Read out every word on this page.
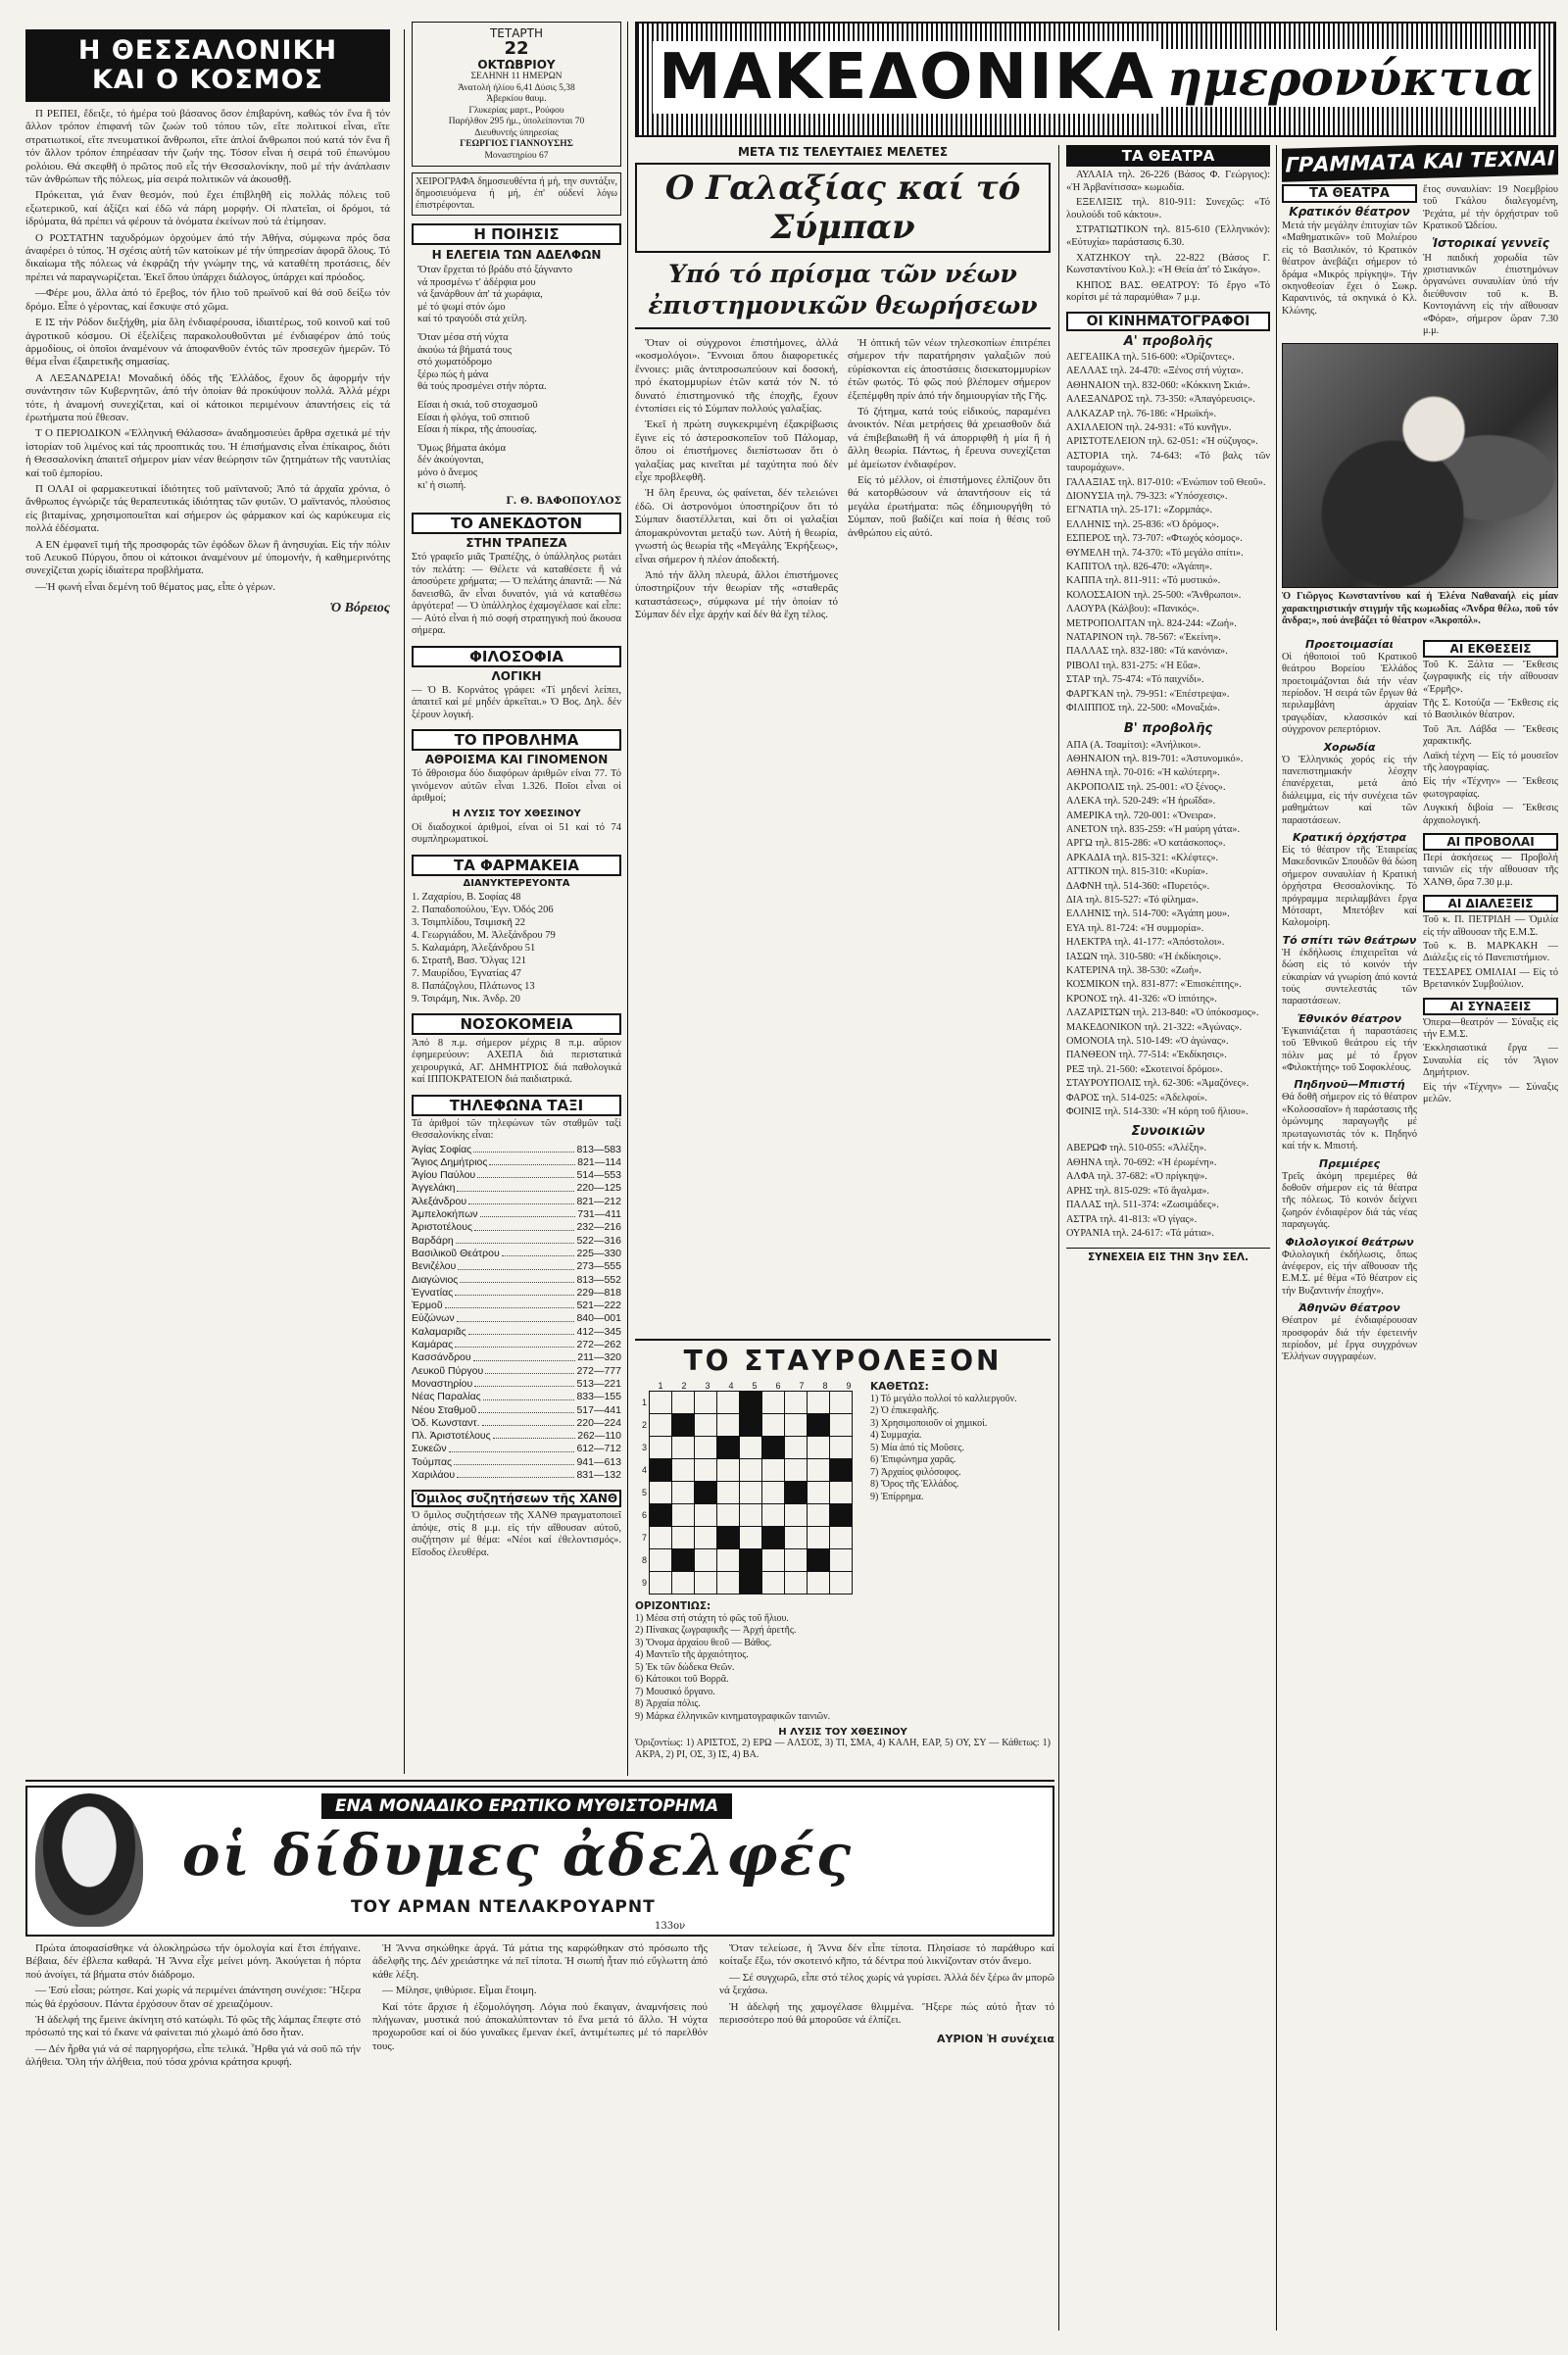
Η ΘΕΣΣΑΛΟΝΙΚΗ
ΚΑΙ Ο ΚΟΣΜΟΣ

Π ΡΕΠΕΙ, ἔδειξε, τό ἠμέρα τοὐ βάσανος ὅσον ἐπιβαρύνη, καθώς τόν ἕνα ἢ τόν ἄλλον τρόπον ἐπιφανή τῶν ζωών τοῦ τόπου τῶν, εἴτε πολιτικοί εἶναι, εἴτε στρατιωτικοί, εἴτε πνευματικοί ἄνθρωποι, εἴτε ἁπλοί ἄνθρωποι πού κατά τόν ἕνα ἢ τόν ἄλλον τρόπον ἐπηρέασαν τήν ζωήν της. Τόσον εἶναι ἡ σειρά τοῦ ἐπωνύμου ρολόιου. Θά σκεφθῆ ὁ πρῶτος ποῦ εἶς τήν Θεσσαλονίκην, ποῦ μέ τήν ἀνάπλασιν τῶν ἀνθρώπων τῆς πόλεως, μία σειρά πολιτικῶν νά ἀκουσθῇ.

Πρόκειται, γιά ἕναν θεσμόν, πού ἔχει ἐπιβληθῆ εἰς πολλάς πόλεις τοῦ εξωτερικοῦ, καί ἀξίζει καί ἐδῶ νά πάρη μορφήν. Οἱ πλατεῖαι, οἱ δρόμοι, τά ἱδρύματα, θά πρέπει νά φέρουν τά ὀνόματα ἐκείνων πού τά ἐτίμησαν.

Ο ΡΟΣΤΑΤΗΝ ταχυδρόμων ὀρχούμεν ἀπό τήν Ἀθήνα, σύμφωνα πρός ὅσα ἀναφέρει ὁ τύπος. Ἡ σχέσις αὐτή τῶν κατοίκων μέ τήν ὑπηρεσίαν ἀφορᾶ ὅλους. Τό δικαίωμα τῆς πόλεως νά ἐκφράζη τήν γνώμην της, νά καταθέτη προτάσεις, δέν πρέπει νά παραγνωρίζεται. Ἐκεῖ ὅπου ὑπάρχει διάλογος, ὑπάρχει καί πρόοδος.

—Φέρε μου, ἄλλα ἀπό τό ἔρεβος, τόν ἥλιο τοῦ πρωϊνοῦ καί θά σοῦ δείξω τόν δρόμο. Εἶπε ὁ γέροντας, καί ἔσκυψε στό χῶμα.

Ε ΙΣ τήν Ρόδον διεξήχθη, μία ὅλη ἐνδιαφέρουσα, ἱδιαιτέρως, τοῦ κοινοῦ καί τοῦ ἀγροτικοῦ κόσμου. Οἱ ἐξελίξεις παρακολουθοῦνται μέ ἐνδιαφέρον ἀπό τούς ἁρμοδίους, οἱ ὁποῖοι ἀναμένουν νά ἀποφανθοῦν ἐντός τῶν προσεχῶν ἡμερῶν. Τό θέμα εἶναι ἐξαιρετικῆς σημασίας.

Α ΛΕΞΑΝΔΡΕΙΑ! Μοναδική ὀδός τῆς Ἑλλάδος, ἔχουν ὅς ἀφορμήν τήν συνάντησιν τῶν Κυβερνητῶν, ἀπό τήν ὁποίαν θά προκύψουν πολλά. Ἀλλά μέχρι τότε, ἡ ἀναμονή συνεχίζεται, καί οἱ κάτοικοι περιμένουν ἀπαντήσεις εἰς τά ἐρωτήματα πού ἔθεσαν.

Τ Ο ΠΕΡΙΟΔΙΚΟΝ «Ἑλληνική Θάλασσα» ἀναδημοσιεύει ἄρθρα σχετικά μέ τήν ἱστορίαν τοῦ λιμένος καί τάς προοπτικάς του. Ἡ ἐπισήμανσις εἶναι ἐπίκαιρος, διότι ἡ Θεσσαλονίκη ἀπαιτεῖ σήμερον μίαν νέαν θεώρησιν τῶν ζητημάτων τῆς ναυτιλίας καί τοῦ ἐμπορίου.

Π ΟΛΑΙ οἱ φαρμακευτικαί ἱδιότητες τοῦ μαϊντανοῦ; Ἀπό τά ἀρχαῖα χρόνια, ὁ ἄνθρωπος ἐγνώριζε τάς θεραπευτικάς ἰδιότητας τῶν φυτῶν. Ὁ μαϊντανός, πλούσιος εἰς βιταμίνας, χρησιμοποιεῖται καί σήμερον ὡς φάρμακον καί ὡς καρύκευμα εἰς πολλά ἐδέσματα.

Α ΕΝ ἐμφανεῖ τιμή τῆς προσφοράς τῶν ἐφόδων ὅλων ἢ ἀνησυχίαι. Εἰς τήν πόλιν τοῦ Λευκοῦ Πύργου, ὅπου οἱ κάτοικοι ἀναμένουν μέ ὑπομονήν, ἡ καθημερινότης συνεχίζεται χωρίς ἰδιαίτερα προβλήματα.

—Ἡ φωνή εἶναι δεμένη τοῦ θέματος μας, εἶπε ὁ γέρων.

Ὁ Βόρειος
ΤΕΤΑΡΤΗ
22
ΟΚΤΩΒΡΙΟΥ
ΣΕΛΗΝΗ 11 ΗΜΕΡΩΝ
Άνατολή ήλίου 6,41 Δύσις 5,38
Άβερκίου θαυμ.
Γλυκερίας μαρτ., Ρούφου
Παρήλθον 295 ήμ., ύπολείπονται 70
Διευθυντής ύπηρεσίας
ΓΕΩΡΓΙΟΣ ΓΙΑΝΝΟΥΣΗΣ
Μοναστηρίου 67
ΧΕΙΡΟΓΡΑΦΑ δημοσιευθέντα ή μή, την συντάξιν, δημοσιευόμενα ή μή, έπ' ούδενί λόγω έπιστρέφονται.
Η ΠΟΙΗΣΙΣ
Η ΕΛΕΓΕΙΑ ΤΩΝ ΑΔΕΛΦΩΝ
Ὅταν ἔρχεται τό βράδυ στό ξάγναντο
νά προσμένω τ' ἀδέρφια μου
νά ξανάρθουν ἀπ' τά χωράφια,
μέ τό ψωμί στόν ὦμο
καί τό τραγούδι στά χείλη.
Ὅταν μέσα στή νύχτα
ἀκούω τά βήματά τους
στό χωματόδρομο
ξέρω πώς ἡ μάνα
θά τούς προσμένει στήν πόρτα.
Εἶσαι ἡ σκιά, τοῦ στοχασμοῦ
Εἶσαι ἡ φλόγα, τοῦ σπιτιοῦ
Εἶσαι ἡ πίκρα, τῆς ἀπουσίας.
Ὅμως βήματα ἀκόμα
δέν ἀκούγονται,
μόνο ὁ ἄνεμος
κι' ἡ σιωπή.
Γ. Θ. ΒΑΦΟΠΟΥΛΟΣ
ΤΟ ΑΝΕΚΔΟΤΟΝ
ΣΤΗΝ ΤΡΑΠΕΖΑ
Στό γραφεῖο μιᾶς Τραπέζης, ὁ ὑπάλληλος ρωτάει τόν πελάτη: — Θέλετε νά καταθέσετε ἢ νά ἀποσύρετε χρήματα; — Ὁ πελάτης ἀπαντᾶ: — Νά δανεισθῶ, ἂν εἶναι δυνατόν, γιά νά καταθέσω ἀργότερα! — Ὁ ὑπάλληλος ἐχαμογέλασε καί εἶπε: — Αὐτό εἶναι ἡ πιό σοφή στρατηγική πού ἄκουσα σήμερα.
ΦΙΛΟΣΟΦΙΑ
ΛΟΓΙΚΗ
— Ὁ Β. Κορνάτος γράφει: «Τί μηδενί λείπει, ἀπαιτεῖ καί μέ μηδέν ἀρκεῖται.» Ὁ Βος. Δηλ. δέν ξέρουν λογική.
ΤΟ ΠΡΟΒΛΗΜΑ
ΑΘΡΟΙΣΜΑ ΚΑΙ ΓΙΝΟΜΕΝΟΝ
Τό ἄθροισμα δύο διαφόρων ἀριθμῶν εἶναι 77. Τό γινόμενον αὐτῶν εἶναι 1.326. Ποῖοι εἶναι οἱ ἀριθμοί;
Η ΛΥΣΙΣ ΤΟΥ ΧΘΕΣΙΝΟΥ
Οἱ διαδοχικοί ἀριθμοί, εἶναι οἱ 51 καί τό 74 συμπληρωματικοί.
ΤΑ ΦΑΡΜΑΚΕΙΑ
ΔΙΑΝΥΚΤΕΡΕΥΟΝΤΑ
1. Ζαχαρίου, Β. Σοφίας 48
2. Παπαδοπούλου, Ἐγν. Ὁδός 206
3. Τσιμπλίδου, Τσιμισκῆ 22
4. Γεωργιάδου, Μ. Ἀλεξάνδρου 79
5. Καλαμάρη, Ἀλεξάνδρου 51
6. Στρατῆ, Βασ. Ὄλγας 121
7. Μαυρίδου, Ἐγνατίας 47
8. Παπάζογλου, Πλάτωνος 13
9. Τσιράμη, Νικ. Ἀνδρ. 20
ΝΟΣΟΚΟΜΕΙΑ
Ἀπό 8 π.μ. σήμερον μέχρις 8 π.μ. αὔριον ἐφημερεύουν: ΑΧΕΠΑ διά περιστατικά χειρουργικά, ΑΓ. ΔΗΜΗΤΡΙΟΣ διά παθολογικά καί ΙΠΠΟΚΡΑΤΕΙΟΝ διά παιδιατρικά.
ΤΗΛΕΦΩΝΑ ΤΑΞΙ
Τά ἀριθμοί τῶν τηλεφώνων τῶν σταθμῶν ταξί Θεσσαλονίκης εἶναι:
Ἀγίας Σοφίας	813—583
Ἅγιος Δημήτριος	821—114
Ἁγίου Παύλου	514—553
Ἀγγελάκη	220—125
Ἀλεξάνδρου	821—212
Ἀμπελοκήπων	731—411
Ἀριστοτέλους	232—216
Βαρδάρη	522—316
Βασιλικοῦ Θεάτρου	225—330
Βενιζέλου	273—555
Διαγώνιος	813—552
Ἐγνατίας	229—818
Ἑρμοῦ	521—222
Εὐζώνων	840—001
Καλαμαριᾶς	412—345
Καμάρας	272—262
Κασσάνδρου	211—320
Λευκοῦ Πύργου	272—777
Μοναστηρίου	513—221
Νέας Παραλίας	833—155
Νέου Σταθμοῦ	517—441
Ὀδ. Κωνσταντ.	220—224
Πλ. Ἀριστοτέλους	262—110
Συκεῶν	612—712
Τούμπας	941—613
Χαριλάου	831—132
Ὁμιλος συζητήσεων τῆς ΧΑΝΘ
Ὁ ὅμιλος συζητήσεων τῆς ΧΑΝΘ πραγματοποιεῖ ἀπόψε, στίς 8 μ.μ. εἰς τήν αἴθουσαν αὐτοῦ, συζήτησιν μέ θέμα: «Νέοι καί ἐθελοντισμός». Εἴσοδος ἐλευθέρα.
ΜΑΚΕΔΟΝΙΚΑ ημερονύκτια
ΜΕΤΑ ΤΙΣ ΤΕΛΕΥΤΑΙΕΣ ΜΕΛΕΤΕΣ
Ο Γαλαξίας καί τό Σύμπαν
Υπό τό πρίσμα τῶν νέων
ἐπιστημονικῶν θεωρήσεων

Ὅταν οἱ σύγχρονοι ἐπιστήμονες, ἀλλά «κοσμολόγοι». Ἔννοιαι ὅπου διαφορετικές ἔννοιες: μιᾶς ἀντιπροσωπεύουν καί δοσοκή, πρό ἑκατομμυρίων ἐτῶν κατά τόν Ν. τό δυνατό ἐπιστημονικό τῆς ἐποχῆς, ἔχουν ἐντοπίσει εἰς τό Σύμπαν πολλούς γαλαξίας.

Ἐκεῖ ἡ πρώτη συγκεκριμένη ἐξακρίβωσις ἔγινε εἰς τό ἀστεροσκοπεῖον τοῦ Πάλομαρ, ὅπου οἱ ἐπιστήμονες διεπίστωσαν ὅτι ὁ γαλαξίας μας κινεῖται μέ ταχύτητα πού δέν εἶχε προβλεφθῆ.

Ἡ ὅλη ἔρευνα, ὡς φαίνεται, δέν τελειώνει ἐδῶ. Οἱ ἀστρονόμοι ὑποστηρίζουν ὅτι τό Σύμπαν διαστέλλεται, καί ὅτι οἱ γαλαξίαι ἀπομακρύνονται μεταξύ των. Αὐτή ἡ θεωρία, γνωστή ὡς θεωρία τῆς «Μεγάλης Ἐκρήξεως», εἶναι σήμερον ἡ πλέον ἀποδεκτή.

Ἀπό τήν ἄλλη πλευρά, ἄλλοι ἐπιστήμονες ὑποστηρίζουν τήν θεωρίαν τῆς «σταθερᾶς καταστάσεως», σύμφωνα μέ τήν ὁποίαν τό Σύμπαν δέν εἶχε ἀρχήν καί δέν θά ἔχη τέλος.

Ἡ ὀπτική τῶν νέων τηλεσκοπίων ἐπιτρέπει σήμερον τήν παρατήρησιν γαλαξιῶν πού εὑρίσκονται εἰς ἀποστάσεις δισεκατομμυρίων ἐτῶν φωτός. Τό φῶς πού βλέπομεν σήμερον ἐξεπέμφθη πρίν ἀπό τήν δημιουργίαν τῆς Γῆς.

Τό ζήτημα, κατά τούς εἰδικούς, παραμένει ἀνοικτόν. Νέαι μετρήσεις θά χρειασθοῦν διά νά ἐπιβεβαιωθῆ ἢ νά ἀπορριφθῆ ἡ μία ἢ ἡ ἄλλη θεωρία. Πάντως, ἡ ἔρευνα συνεχίζεται μέ ἀμείωτον ἐνδιαφέρον.

Εἰς τό μέλλον, οἱ ἐπιστήμονες ἐλπίζουν ὅτι θά κατορθώσουν νά ἀπαντήσουν εἰς τά μεγάλα ἐρωτήματα: πῶς ἐδημιουργήθη τό Σύμπαν, ποῦ βαδίζει καί ποία ἡ θέσις τοῦ ἀνθρώπου εἰς αὐτό.

ΤΟ ΣΤΑΥΡΟΛΕΞΟΝ
1	2	3	4	5	6	7	8	9
1									
2									
3									
4									
5									
6									
7									
8									
9									
ΚΑΘΕΤΩΣ:
1) Τό μεγάλο πολλοί τό καλλιεργοῦν.
2) Ὁ ἐπικεφαλῆς.
3) Χρησιμοποιοῦν οἱ χημικοί.
4) Συμμαχία.
5) Μία ἀπό τίς Μοῦσες.
6) Ἐπιφώνημα χαρᾶς.
7) Ἀρχαίος φιλόσοφος.
8) Ὄρος τῆς Ἑλλάδος.
9) Ἐπίρρημα.
ΟΡΙΖΟΝΤΙΩΣ:
1) Μέσα στή στάχτη τό φῶς τοῦ ἥλιου.
2) Πίνακας ζωγραφικῆς — Ἀρχή ἀρετῆς.
3) Ὄνομα ἀρχαίου θεοῦ — Βάθος.
4) Μαντεῖο τῆς ἀρχαιότητος.
5) Ἐκ τῶν δώδεκα Θεῶν.
6) Κάτοικοι τοῦ Βορρᾶ.
7) Μουσικό ὄργανο.
8) Ἀρχαία πόλις.
9) Μάρκα ἐλληνικῶν κινηματογραφικῶν ταινιῶν.
Η ΛΥΣΙΣ ΤΟΥ ΧΘΕΣΙΝΟΥ
Ὁριζοντίως: 1) ΑΡΙΣΤΟΣ, 2) ΕΡΩ — ΑΛΣΟΣ, 3) ΤΙ, ΣΜΑ, 4) ΚΑΛΗ, ΕΑΡ, 5) ΟΥ, ΣΥ — Κάθετως: 1) ΑΚΡΑ, 2) ΡΙ, ΟΣ, 3) ΙΣ, 4) ΒΑ.
ΤΑ ΘΕΑΤΡΑ

ΑΥΛΑΙΑ τηλ. 26-226 (Βάσος Φ. Γεώργιος): «Ἡ Ἀρβανίτισσα» κωμωδία.

ΕΞΕΛΙΞΙΣ τηλ. 810-911: Συνεχῶς: «Τό λουλούδι τοῦ κάκτου».

ΣΤΡΑΤΙΩΤΙΚΟΝ τηλ. 815-610 (Ἑλληνικόν): «Εὐτυχία» παράστασις 6.30.

ΧΑΤΖΗΚΟΥ τηλ. 22-822 (Βάσος Γ. Κωνσταντίνου Κολ.): «Ἡ Θεία ἀπ' τό Σικάγο».

ΚΗΠΟΣ ΒΑΣ. ΘΕΑΤΡΟΥ: Τό ἔργο «Τό κορίτσι μέ τά παραμύθια» 7 μ.μ.

ΟΙ ΚΙΝΗΜΑΤΟΓΡΑΦΟΙ
Α' προβολῆς

ΑΕΓΕΑΙΙΚΑ τηλ. 516-600: «Ὁρίζοντες».

ΑΕΛΛΑΣ τηλ. 24-470: «Ξένος στή νύχτα».

ΑΘΗΝΑΙΟΝ τηλ. 832-060: «Κόκκινη Σκιά».

ΑΛΕΞΑΝΔΡΟΣ τηλ. 73-350: «Ἀπαγόρευσις».

ΑΛΚΑΖΑΡ τηλ. 76-186: «Ἡρωϊκή».

ΑΧΙΛΛΕΙΟΝ τηλ. 24-931: «Τό κυνῆγι».

ΑΡΙΣΤΟΤΕΛΕΙΟΝ τηλ. 62-051: «Ἡ σύζυγος».

ΑΣΤΟΡΙΑ τηλ. 74-643: «Τό βαλς τῶν ταυρομάχων».

ΓΑΛΑΞΙΑΣ τηλ. 817-010: «Ἐνώπιον τοῦ Θεοῦ».

ΔΙΟΝΥΣΙΑ τηλ. 79-323: «Ὑπόσχεσις».

ΕΓΝΑΤΙΑ τηλ. 25-171: «Ζορμπάς».

ΕΛΛΗΝΙΣ τηλ. 25-836: «Ὁ δρόμος».

ΕΣΠΕΡΟΣ τηλ. 73-707: «Φτωχός κόσμος».

ΘΥΜΕΛΗ τηλ. 74-370: «Τό μεγάλο σπίτι».

ΚΑΠΙΤΟΛ τηλ. 826-470: «Ἀγάπη».

ΚΑΠΠΑ τηλ. 811-911: «Τό μυστικό».

ΚΟΛΟΣΣΑΙΟΝ τηλ. 25-500: «Ἄνθρωποι».

ΛΑΟΥΡΑ (Κάλβου): «Πανικός».

ΜΕΤΡΟΠΟΛΙΤΑΝ τηλ. 824-244: «Ζωή».

ΝΑΤΑΡΙΝΟΝ τηλ. 78-567: «Ἐκείνη».

ΠΑΛΛΑΣ τηλ. 832-180: «Τά κανόνια».

ΡΙΒΟΛΙ τηλ. 831-275: «Ἡ Εὔα».

ΣΤΑΡ τηλ. 75-474: «Τό παιχνίδι».

ΦΑΡΓΚΑΝ τηλ. 79-951: «Ἐπέστρεψα».

ΦΙΛΙΠΠΟΣ τηλ. 22-500: «Μοναξιά».

Β' προβολῆς

ΑΠΑ (Α. Τσαμίτσι): «Ἀνήλικοι».

ΑΘΗΝΑΙΟΝ τηλ. 819-701: «Ἀστυνομικό».

ΑΘΗΝΑ τηλ. 70-016: «Ἡ καλύτερη».

ΑΚΡΟΠΟΛΙΣ τηλ. 25-001: «Ὁ ξένος».

ΑΛΕΚΑ τηλ. 520-249: «Ἡ ἡρωΐδα».

ΑΜΕΡΙΚΑ τηλ. 720-001: «Ὄνειρα».

ΑΝΕΤΟΝ τηλ. 835-259: «Ἡ μαύρη γάτα».

ΑΡΓΩ τηλ. 815-286: «Ὁ κατάσκοπος».

ΑΡΚΑΔΙΑ τηλ. 815-321: «Κλέφτες».

ΑΤΤΙΚΟΝ τηλ. 815-310: «Κυρία».

ΔΑΦΝΗ τηλ. 514-360: «Πυρετός».

ΔΙΑ τηλ. 815-527: «Τό φίλημα».

ΕΛΛΗΝΙΣ τηλ. 514-700: «Ἀγάπη μου».

ΕΥΑ τηλ. 81-724: «Ἡ συμμορία».

ΗΛΕΚΤΡΑ τηλ. 41-177: «Ἀπόστολοι».

ΙΑΣΩΝ τηλ. 310-580: «Ἡ ἐκδίκησις».

ΚΑΤΕΡΙΝΑ τηλ. 38-530: «Ζωή».

ΚΟΣΜΙΚΟΝ τηλ. 831-877: «Ἐπισκέπτης».

ΚΡΟΝΟΣ τηλ. 41-326: «Ὁ ἰππότης».

ΛΑΖΑΡΙΣΤΩΝ τηλ. 213-840: «Ὁ ὑπόκοσμος».

ΜΑΚΕΔΟΝΙΚΟΝ τηλ. 21-322: «Ἀγώνας».

ΟΜΟΝΟΙΑ τηλ. 510-149: «Ὁ ἀγώνας».

ΠΑΝΘΕΟΝ τηλ. 77-514: «Ἐκδίκησις».

ΡΕΞ τηλ. 21-560: «Σκοτεινοί δρόμοι».

ΣΤΑΥΡΟΥΠΟΛΙΣ τηλ. 62-306: «Ἀμαζόνες».

ΦΑΡΟΣ τηλ. 514-025: «Ἀδελφοί».

ΦΟΙΝΙΞ τηλ. 514-330: «Ἡ κόρη τοῦ ἥλιου».

Συνοικιῶν

ΑΒΕΡΩΦ τηλ. 510-055: «Ἀλέξη».

ΑΘΗΝΑ τηλ. 70-692: «Ἡ ἐρωμένη».

ΑΛΦΑ τηλ. 37-682: «Ὁ πρίγκηψ».

ΑΡΗΣ τηλ. 815-029: «Τό ἄγαλμα».

ΠΑΛΑΣ τηλ. 511-374: «Ζωσιμάδες».

ΑΣΤΡΑ τηλ. 41-813: «Ὁ γίγας».

ΟΥΡΑΝΙΑ τηλ. 24-617: «Τά μάτια».

ΣΥΝΕΧΕΙΑ ΕΙΣ ΤΗΝ 3ην ΣΕΛ.
ΓΡΑΜΜΑΤΑ ΚΑΙ ΤΕΧΝΑΙ
ΤΑ ΘΕΑΤΡΑ
Κρατικόν θέατρον
Μετά τήν μεγάλην ἐπιτυχίαν τῶν «Μαθηματικῶν» τοῦ Μολιέρου εἰς τό Βασιλικόν, τό Κρατικόν θέατρον ἀνεβάζει σήμερον τό δράμα «Μικρός πρίγκηψ». Τήν σκηνοθεσίαν ἔχει ὁ Σωκρ. Καραντινός, τά σκηνικά ὁ Κλ. Κλώνης.
ἔτος συναυλίαν: 19 Νοεμβρίου τοῦ Γκάλου διαλεγομένη, Ῥεχάτα, μέ τήν ὀρχήστραν τοῦ Κρατικοῦ Ὠδείου.
Ἱστορικαί γεννεῖς
Ἡ παιδική χορωδία τῶν χριστιανικῶν ἐπιστημόνων ὀργανώνει συναυλίαν ὑπό τήν διεύθυνσιν τοῦ κ. Β. Κοντογιάννη εἰς τήν αἴθουσαν «Φόρα», σήμερον ὥραν 7.30 μ.μ.
Ὁ Γιῶργος Κωνσταντίνου καί ἡ Ἑλένα Ναθαναήλ εἰς μίαν χαρακτηριστικήν στιγμήν τῆς κωμωδίας «Ἄνδρα θέλω, ποῦ τόν ἄνδρα;», πού ἀνεβάζει τό θέατρον «Ἀκροπόλ».
Προετοιμασίαι
Οἱ ἠθοποιοί τοῦ Κρατικοῦ θεάτρου Βορείου Ἑλλάδος προετοιμάζονται διά τήν νέαν περίοδον. Ἡ σειρά τῶν ἔργων θά περιλαμβάνη ἀρχαίαν τραγῳδίαν, κλασσικόν καί σύγχρονον ρεπερτόριον.
Χορωδία
Ὁ Ἑλληνικός χορός εἰς τήν πανεπιστημιακήν λέσχην ἐπανέρχεται, μετά ἀπό διάλειμμα, εἰς τήν συνέχεια τῶν μαθημάτων καί τῶν παραστάσεων.
Κρατική ὀρχήστρα
Εἰς τό θέατρον τῆς Ἑταιρείας Μακεδονικῶν Σπουδῶν θά δώση σήμερον συναυλίαν ἡ Κρατική ὀρχήστρα Θεσσαλονίκης. Τό πρόγραμμα περιλαμβάνει ἔργα Μότσαρτ, Μπετόβεν καί Καλομοίρη.
Τό σπίτι τῶν θεάτρων
Ἡ ἐκδήλωσις ἐπιχειρεῖται νά δώση εἰς τό κοινόν τήν εὐκαιρίαν νά γνωρίση ἀπό κοντά τούς συντελεστάς τῶν παραστάσεων.
Ἐθνικόν θέατρον
Ἐγκαινιάζεται ἡ παραστάσεις τοῦ Ἐθνικοῦ θεάτρου εἰς τήν πόλιν μας μέ τό ἔργον «Φιλοκτήτης» τοῦ Σοφοκλέους.
Πηδηνοῦ—Μπιστή
Θά δοθῆ σήμερον εἰς τό θέατρον «Κολοσσαῖον» ἡ παράστασις τῆς ὁμώνυμης παραγωγῆς μέ πρωταγωνιστάς τόν κ. Πηδηνό καί τήν κ. Μπιστή.
Πρεμιέρες
Τρεῖς ἀκόμη πρεμιέρες θά δοθοῦν σήμερον εἰς τά θέατρα τῆς πόλεως. Τό κοινόν δείχνει ζωηρόν ἐνδιαφέρον διά τάς νέας παραγωγάς.
Φιλολογικοί θεάτρων
Φιλολογική ἐκδήλωσις, ὅπως ἀνέφερον, εἰς τήν αἴθουσαν τῆς Ε.Μ.Σ. μέ θέμα «Τό θέατρον εἰς τήν Βυζαντινήν ἐποχήν».
Ἀθηνῶν θέατρον
Θέατρον μέ ἐνδιαφέρουσαν προσφοράν διά τήν ἐφετεινήν περίοδον, μέ ἔργα συγχρόνων Ἑλλήνων συγγραφέων.
ΑΙ ΕΚΘΕΣΕΙΣ
Τοῦ Κ. Ξάλτα — Ἔκθεσις ζωγραφικῆς εἰς τήν αἴθουσαν «Ἑρμῆς».
Τῆς Σ. Κοτούζα — Ἔκθεσις εἰς τό Βασιλικόν θέατρον.
Τοῦ Ἀπ. Λάβδα — Ἔκθεσις χαρακτικῆς.
Λαϊκή τέχνη — Εἰς τό μουσεῖον τῆς λαογραφίας.
Εἰς τήν «Τέχνην» — Ἔκθεσις φωτογραφίας.
Λυγκική διβοία — Ἔκθεσις ἀρχαιολογική.
ΑΙ ΠΡΟΒΟΛΑΙ
Περί ἀσκήσεως — Προβολή ταινιῶν εἰς τήν αἴθουσαν τῆς ΧΑΝΘ, ὥρα 7.30 μ.μ.
ΑΙ ΔΙΑΛΕΞΕΙΣ
Τοῦ κ. Π. ΠΕΤΡΙΔΗ — Ὁμιλία εἰς τήν αἴθουσαν τῆς Ε.Μ.Σ.
Τοῦ κ. Β. ΜΑΡΚΑΚΗ — Διάλεξις εἰς τό Πανεπιστήμιον.
ΤΕΣΣΑΡΕΣ ΟΜΙΛΙΑΙ — Εἰς τό Βρετανικόν Συμβούλιον.
ΑΙ ΣΥΝΑΞΕΙΣ
Ὀπερα—θεατρόν — Σύναξις εἰς τήν Ε.Μ.Σ.
Ἐκκλησιαστικά ἔργα — Συναυλία εἰς τόν Ἅγιον Δημήτριον.
Εἰς τήν «Τέχνην» — Σύναξις μελῶν.
ΕΝΑ ΜΟΝΑΔΙΚΟ ΕΡΩΤΙΚΟ ΜΥΘΙΣΤΟΡΗΜΑ
οἱ δίδυμες ἀδελφές
ΤΟΥ ΑΡΜΑΝ ΝΤΕΛΑΚΡΟΥΑΡΝΤ
133ον

Πρώτα ἀποφασίσθηκε νά ὁλοκληρώσω τήν ὁμολογία καί ἔτσι ἐπήγαινε. Βέβαια, δέν ἐβλεπα καθαρά. Ἡ Ἄννα εἶχε μείνει μόνη. Ἀκούγεται ἡ πόρτα πού ἀνοίγει, τά βήματα στόν διάδρομο.

— Ἐσύ εἶσαι; ρώτησε. Καί χωρίς νά περιμένει ἀπάντηση συνέχισε: Ἤξερα πώς θά ἐρχόσουν. Πάντα ἐρχόσουν ὅταν σέ χρειαζόμουν.

Ἡ ἀδελφή της ἔμεινε ἀκίνητη στό κατώφλι. Τό φῶς τῆς λάμπας ἔπεφτε στό πρόσωπό της καί τό ἔκανε νά φαίνεται πιό χλωμό ἀπό ὅσο ἦταν.

— Δέν ἦρθα γιά νά σέ παρηγορήσω, εἶπε τελικά. Ἦρθα γιά νά σοῦ πῶ τήν ἀλήθεια. Ὅλη τήν ἀλήθεια, πού τόσα χρόνια κράτησα κρυφή.

Ἡ Ἄννα σηκώθηκε ἀργά. Τά μάτια της καρφώθηκαν στό πρόσωπο τῆς ἀδελφῆς της. Δέν χρειάστηκε νά πεῖ τίποτα. Ἡ σιωπή ἦταν πιό εὔγλωττη ἀπό κάθε λέξη.

— Μίλησε, ψιθύρισε. Εἶμαι ἕτοιμη.

Καί τότε ἄρχισε ἡ ἐξομολόγηση. Λόγια πού ἔκαιγαν, ἀναμνήσεις πού πλήγωναν, μυστικά πού ἀποκαλύπτονταν τό ἕνα μετά τό ἄλλο. Ἡ νύχτα προχωροῦσε καί οἱ δύο γυναῖκες ἔμεναν ἐκεῖ, ἀντιμέτωπες μέ τό παρελθόν τους.

Ὅταν τελείωσε, ἡ Ἄννα δέν εἶπε τίποτα. Πλησίασε τό παράθυρο καί κοίταξε ἔξω, τόν σκοτεινό κῆπο, τά δέντρα πού λικνίζονταν στόν ἄνεμο.

— Σέ συγχωρῶ, εἶπε στό τέλος χωρίς νά γυρίσει. Ἀλλά δέν ξέρω ἂν μπορῶ νά ξεχάσω.

Ἡ ἀδελφή της χαμογέλασε θλιμμένα. Ἤξερε πώς αὐτό ἦταν τό περισσότερο πού θά μποροῦσε νά ἐλπίζει.

ΑΥΡΙΟΝ Ἡ συνέχεια
